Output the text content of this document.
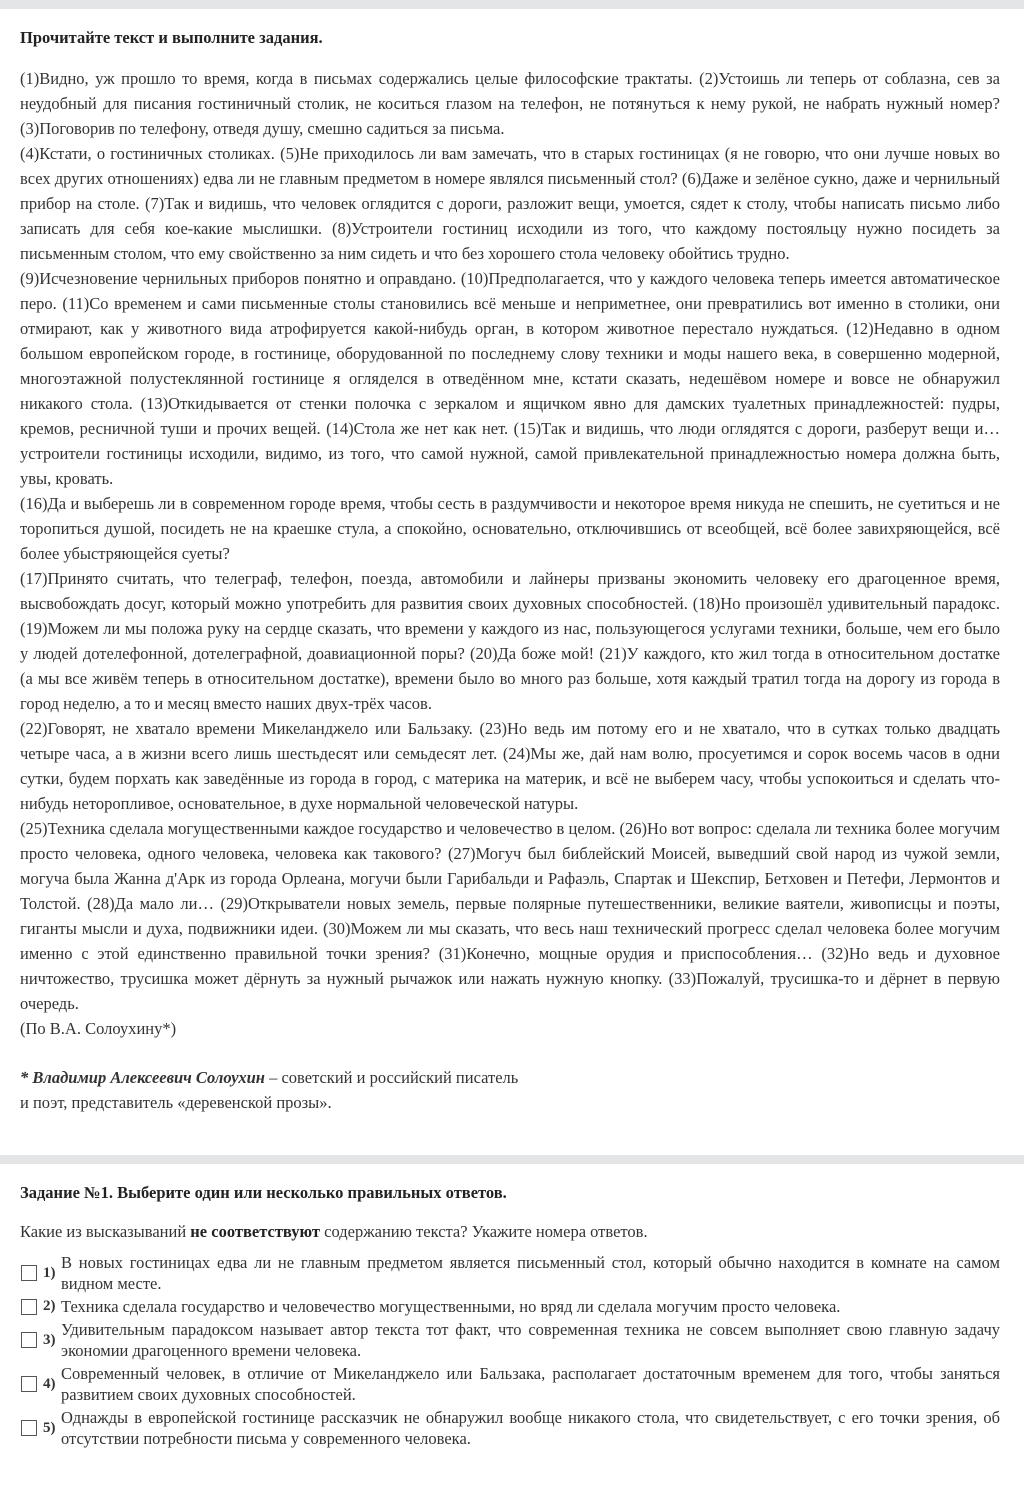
Прочитайте текст и выполните задания.

(1)Видно, уж прошло то время, когда в письмах содержались целые философские трактаты. (2)Устоишь ли теперь от соблазна, сев за неудобный для писания гостиничный столик, не коситься глазом на телефон, не потянуться к нему рукой, не набрать нужный номер? (3)Поговорив по телефону, отведя душу, смешно садиться за письма.

(4)Кстати, о гостиничных столиках. (5)Не приходилось ли вам замечать, что в старых гостиницах (я не говорю, что они лучше новых во всех других отношениях) едва ли не главным предметом в номере являлся письменный стол? (6)Даже и зелёное сукно, даже и чернильный прибор на столе. (7)Так и видишь, что человек оглядится с дороги, разложит вещи, умоется, сядет к столу, чтобы написать письмо либо записать для себя кое-какие мыслишки. (8)Устроители гостиниц исходили из того, что каждому постояльцу нужно посидеть за письменным столом, что ему свойственно за ним сидеть и что без хорошего стола человеку обойтись трудно.

(9)Исчезновение чернильных приборов понятно и оправдано. (10)Предполагается, что у каждого человека теперь имеется автоматическое перо. (11)Со временем и сами письменные столы становились всё меньше и неприметнее, они превратились вот именно в столики, они отмирают, как у животного вида атрофируется какой-нибудь орган, в котором животное перестало нуждаться. (12)Недавно в одном большом европейском городе, в гостинице, оборудованной по последнему слову техники и моды нашего века, в совершенно модерной, многоэтажной полустеклянной гостинице я огляделся в отведённом мне, кстати сказать, недешёвом номере и вовсе не обнаружил никакого стола. (13)Откидывается от стенки полочка с зеркалом и ящичком явно для дамских туалетных принадлежностей: пудры, кремов, ресничной туши и прочих вещей. (14)Стола же нет как нет. (15)Так и видишь, что люди оглядятся с дороги, разберут вещи и… устроители гостиницы исходили, видимо, из того, что самой нужной, самой привлекательной принадлежностью номера должна быть, увы, кровать.

(16)Да и выберешь ли в современном городе время, чтобы сесть в раздумчивости и некоторое время никуда не спешить, не суетиться и не торопиться душой, посидеть не на краешке стула, а спокойно, основательно, отключившись от всеобщей, всё более завихряющейся, всё более убыстряющейся суеты?

(17)Принято считать, что телеграф, телефон, поезда, автомобили и лайнеры призваны экономить человеку его драгоценное время, высвобождать досуг, который можно употребить для развития своих духовных способностей. (18)Но произошёл удивительный парадокс. (19)Можем ли мы положа руку на сердце сказать, что времени у каждого из нас, пользующегося услугами техники, больше, чем его было у людей дотелефонной, дотелеграфной, доавиационной поры? (20)Да боже мой! (21)У каждого, кто жил тогда в относительном достатке (а мы все живём теперь в относительном достатке), времени было во много раз больше, хотя каждый тратил тогда на дорогу из города в город неделю, а то и месяц вместо наших двух-трёх часов.

(22)Говорят, не хватало времени Микеланджело или Бальзаку. (23)Но ведь им потому его и не хватало, что в сутках только двадцать четыре часа, а в жизни всего лишь шестьдесят или семьдесят лет. (24)Мы же, дай нам волю, просуетимся и сорок восемь часов в одни сутки, будем порхать как заведённые из города в город, с материка на материк, и всё не выберем часу, чтобы успокоиться и сделать что-нибудь неторопливое, основательное, в духе нормальной человеческой натуры.

(25)Техника сделала могущественными каждое государство и человечество в целом. (26)Но вот вопрос: сделала ли техника более могучим просто человека, одного человека, человека как такового? (27)Могуч был библейский Моисей, выведший свой народ из чужой земли, могуча была Жанна д'Арк из города Орлеана, могучи были Гарибальди и Рафаэль, Спартак и Шекспир, Бетховен и Петефи, Лермонтов и Толстой. (28)Да мало ли… (29)Открыватели новых земель, первые полярные путешественники, великие ваятели, живописцы и поэты, гиганты мысли и духа, подвижники идеи. (30)Можем ли мы сказать, что весь наш технический прогресс сделал человека более могучим именно с этой единственно правильной точки зрения? (31)Конечно, мощные орудия и приспособления… (32)Но ведь и духовное ничтожество, трусишка может дёрнуть за нужный рычажок или нажать нужную кнопку. (33)Пожалуй, трусишка-то и дёрнет в первую очередь.

(По В.А. Солоухину*)

* Владимир Алексеевич Солоухин – советский и российский писатель
и поэт, представитель «деревенской прозы».

Задание №1. Выберите один или несколько правильных ответов.

Какие из высказываний не соответствуют содержанию текста? Укажите номера ответов.
1)
В новых гостиницах едва ли не главным предметом является письменный стол, который обычно находится в комнате на самом видном месте.
2) Техника сделала государство и человечество могущественными, но вряд ли сделала могучим просто человека.
3)
Удивительным парадоксом называет автор текста тот факт, что современная техника не совсем выполняет свою главную задачу экономии драгоценного времени человека.
4)
Современный человек, в отличие от Микеланджело или Бальзака, располагает достаточным временем для того, чтобы заняться развитием своих духовных способностей.
5)
Однажды в европейской гостинице рассказчик не обнаружил вообще никакого стола, что свидетельствует, с его точки зрения, об отсутствии потребности письма у современного человека.
